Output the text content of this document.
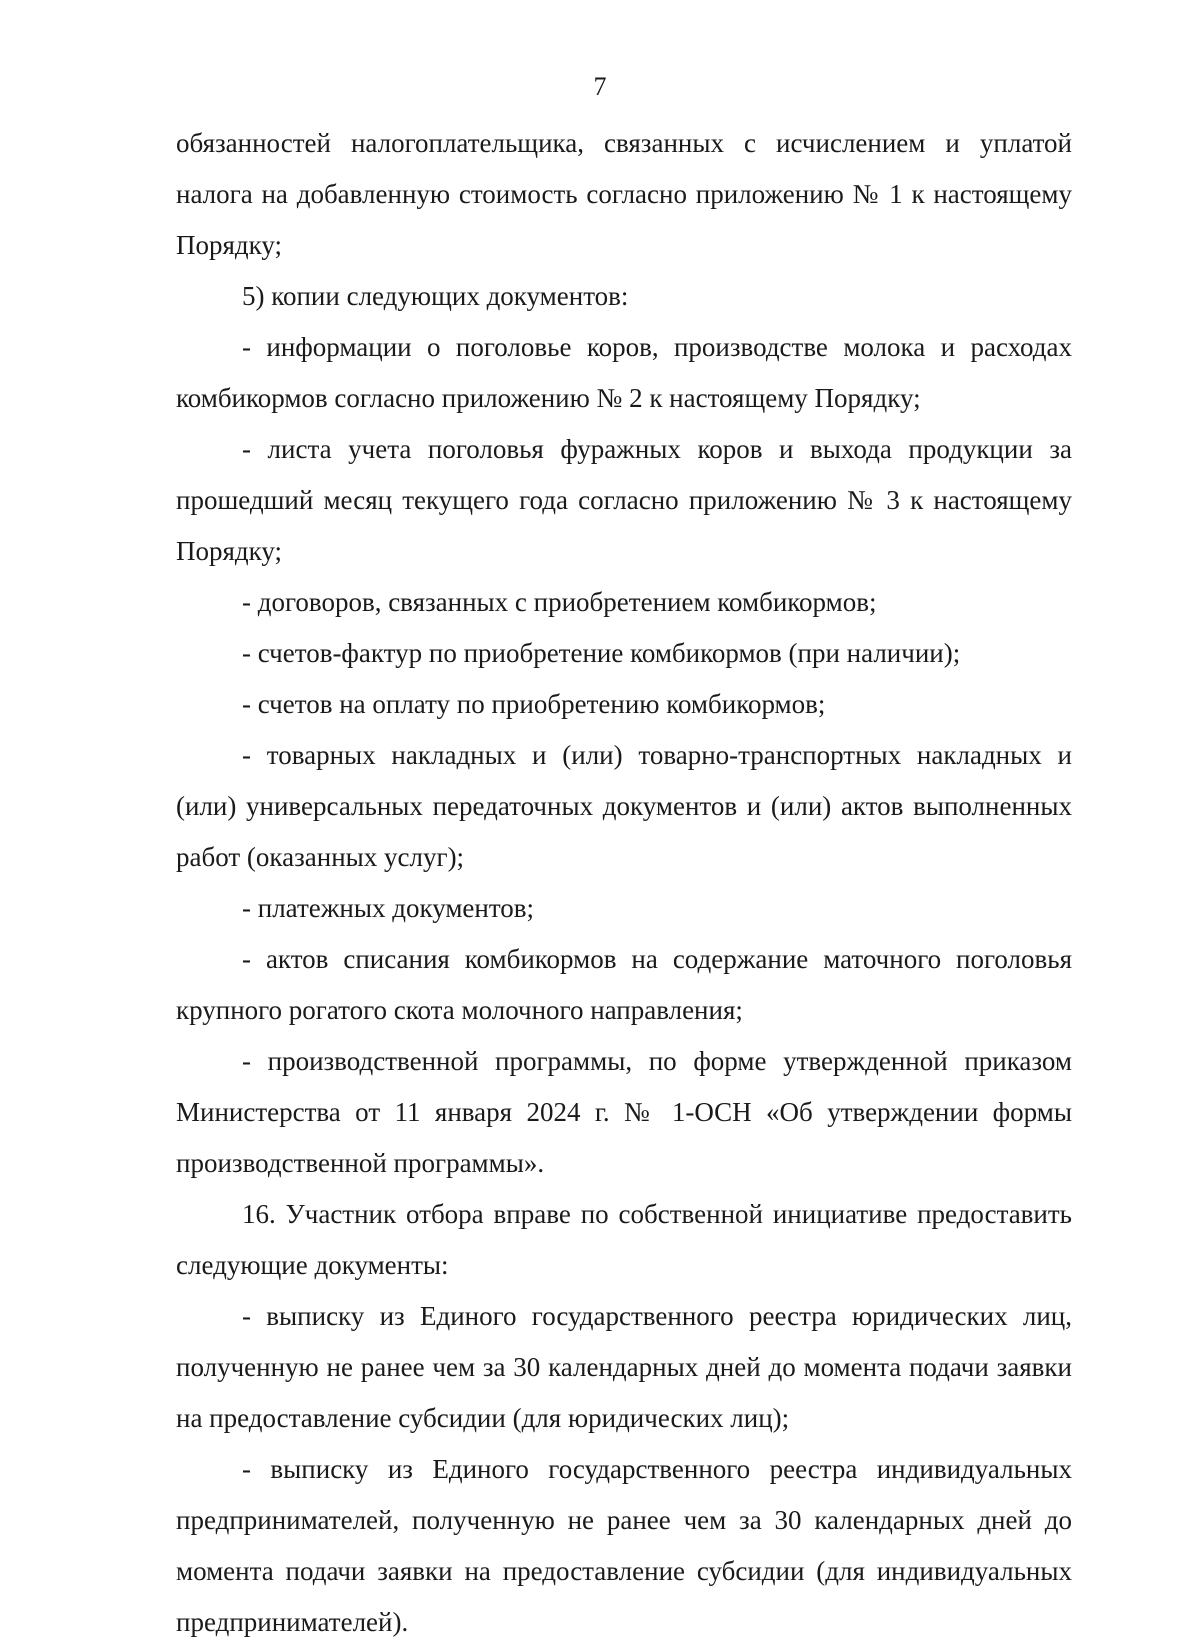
7

обязанностей налогоплательщика, связанных с исчислением и уплатой налога на добавленную стоимость согласно приложению № 1 к настоящему Порядку;

5) копии следующих документов:

- информации о поголовье коров, производстве молока и расходах комбикормов согласно приложению № 2 к настоящему Порядку;

- листа учета поголовья фуражных коров и выхода продукции за прошедший месяц текущего года согласно приложению № 3 к настоящему Порядку;

- договоров, связанных с приобретением комбикормов;

- счетов-фактур по приобретение комбикормов (при наличии);

- счетов на оплату по приобретению комбикормов;

- товарных накладных и (или) товарно-транспортных накладных и (или) универсальных передаточных документов и (или) актов выполненных работ (оказанных услуг);

- платежных документов;

- актов списания комбикормов на содержание маточного поголовья крупного рогатого скота молочного направления;

- производственной программы, по форме утвержденной приказом Министерства от 11 января 2024 г. № 1-ОСН «Об утверждении формы производственной программы».

16. Участник отбора вправе по собственной инициативе предоставить следующие документы:

- выписку из Единого государственного реестра юридических лиц, полученную не ранее чем за 30 календарных дней до момента подачи заявки на предоставление субсидии (для юридических лиц);

- выписку из Единого государственного реестра индивидуальных предпринимателей, полученную не ранее чем за 30 календарных дней до момента подачи заявки на предоставление субсидии (для индивидуальных предпринимателей).
